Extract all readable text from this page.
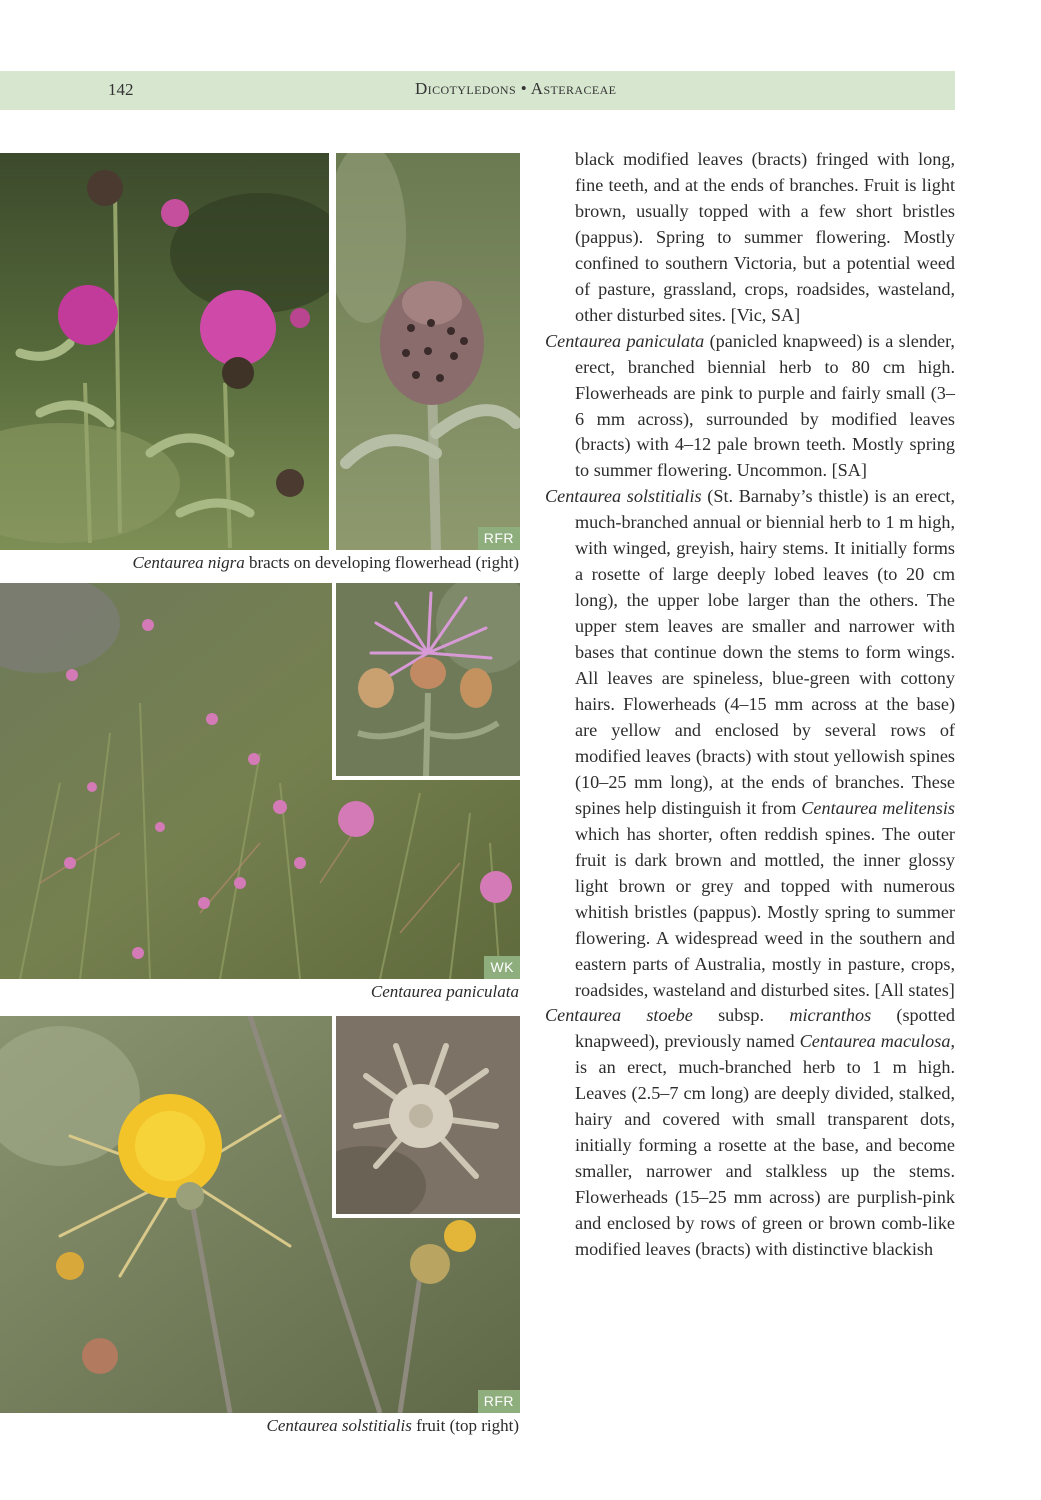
142	Dicotyledons • Asteraceae
RFR
Centaurea nigra bracts on developing flowerhead (right)
WK
Centaurea paniculata
RFR
Centaurea solstitialis fruit (top right)

black modified leaves (bracts) fringed with long, fine teeth, and at the ends of branches. Fruit is light brown, usually topped with a few short bristles (pappus). Spring to summer flowering. Mostly confined to southern Victoria, but a potential weed of pasture, grassland, crops, roadsides, wasteland, other disturbed sites. [Vic, SA]

Centaurea paniculata (panicled knapweed) is a slender, erect, branched biennial herb to 80 cm high. Flowerheads are pink to purple and fairly small (3–6 mm across), surrounded by modified leaves (bracts) with 4–12 pale brown teeth. Mostly spring to summer flowering. Uncommon. [SA]

Centaurea solstitialis (St. Barnaby’s thistle) is an erect, much-branched annual or biennial herb to 1 m high, with winged, greyish, hairy stems. It initially forms a rosette of large deeply lobed leaves (to 20 cm long), the upper lobe larger than the others. The upper stem leaves are smaller and narrower with bases that continue down the stems to form wings. All leaves are spineless, blue-green with cottony hairs. Flowerheads (4–15 mm across at the base) are yellow and enclosed by several rows of modified leaves (bracts) with stout yellowish spines (10–25 mm long), at the ends of branches. These spines help distinguish it from Centaurea melitensis which has shorter, often reddish spines. The outer fruit is dark brown and mottled, the inner glossy light brown or grey and topped with numerous whitish bristles (pappus). Mostly spring to summer flowering. A widespread weed in the southern and eastern parts of Australia, mostly in pasture, crops, roadsides, wasteland and disturbed sites. [All states]

Centaurea stoebe subsp. micranthos (spotted knapweed), previously named Centaurea maculosa, is an erect, much-branched herb to 1 m high. Leaves (2.5–7 cm long) are deeply divided, stalked, hairy and covered with small transparent dots, initially forming a rosette at the base, and become smaller, narrower and stalkless up the stems. Flowerheads (15–25 mm across) are purplish-pink and enclosed by rows of green or brown comb-like modified leaves (bracts) with distinctive blackish
